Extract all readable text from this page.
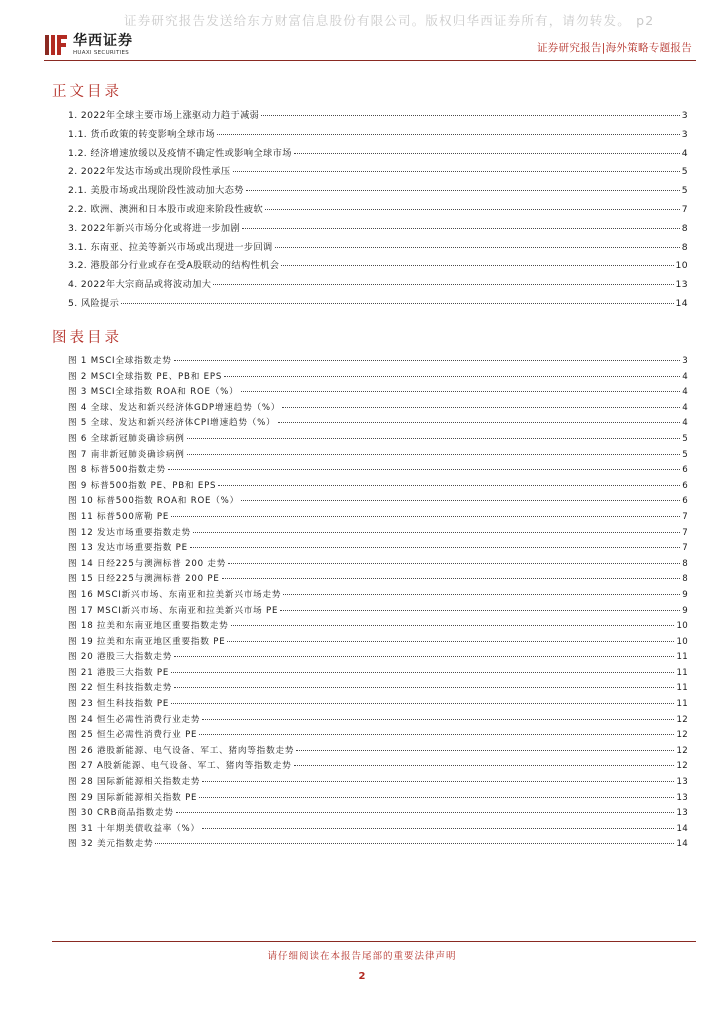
证券研究报告发送给东方财富信息股份有限公司。版权归华西证券所有，请勿转发。 p2
华西证券
HUAXI SECURITIES	证券研究报告|海外策略专题报告
正文目录
1. 2022年全球主要市场上涨驱动力趋于减弱	3
1.1. 货币政策的转变影响全球市场	3
1.2. 经济增速放缓以及疫情不确定性或影响全球市场	4
2. 2022年发达市场或出现阶段性承压	5
2.1. 美股市场或出现阶段性波动加大态势	5
2.2. 欧洲、澳洲和日本股市或迎来阶段性疲软	7
3. 2022年新兴市场分化或将进一步加剧	8
3.1. 东南亚、拉美等新兴市场或出现进一步回调	8
3.2. 港股部分行业或存在受A股联动的结构性机会	10
4. 2022年大宗商品或将波动加大	13
5. 风险提示	14
图表目录
图 1 MSCI全球指数走势	3
图 2 MSCI全球指数 PE、PB和 EPS	4
图 3 MSCI全球指数 ROA和 ROE（%）	4
图 4 全球、发达和新兴经济体GDP增速趋势（%）	4
图 5 全球、发达和新兴经济体CPI增速趋势（%）	4
图 6 全球新冠肺炎确诊病例	5
图 7 南非新冠肺炎确诊病例	5
图 8 标普500指数走势	6
图 9 标普500指数 PE、PB和 EPS	6
图 10 标普500指数 ROA和 ROE（%）	6
图 11 标普500席勒 PE	7
图 12 发达市场重要指数走势	7
图 13 发达市场重要指数 PE	7
图 14 日经225与澳洲标普 200 走势	8
图 15 日经225与澳洲标普 200 PE	8
图 16 MSCI新兴市场、东南亚和拉美新兴市场走势	9
图 17 MSCI新兴市场、东南亚和拉美新兴市场 PE	9
图 18 拉美和东南亚地区重要指数走势	10
图 19 拉美和东南亚地区重要指数 PE	10
图 20 港股三大指数走势	11
图 21 港股三大指数 PE	11
图 22 恒生科技指数走势	11
图 23 恒生科技指数 PE	11
图 24 恒生必需性消费行业走势	12
图 25 恒生必需性消费行业 PE	12
图 26 港股新能源、电气设备、军工、猪肉等指数走势	12
图 27 A股新能源、电气设备、军工、猪肉等指数走势	12
图 28 国际新能源相关指数走势	13
图 29 国际新能源相关指数 PE	13
图 30 CRB商品指数走势	13
图 31 十年期美债收益率（%）	14
图 32 美元指数走势	14
请仔细阅读在本报告尾部的重要法律声明
2
